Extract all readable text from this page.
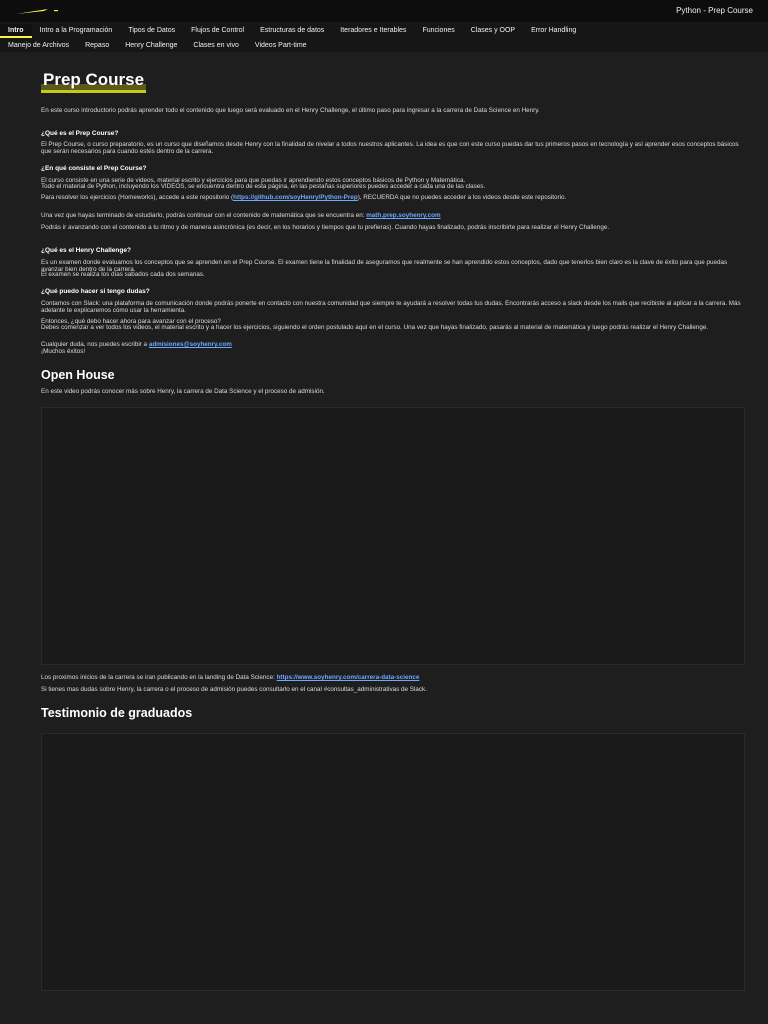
Python - Prep Course
Intro	Intro a la Programación	Tipos de Datos	Flujos de Control	Estructuras de datos	Iteradores e Iterables	Funciones	Clases y OOP	Error Handling
Manejo de Archivos	Repaso	Henry Challenge	Clases en vivo	Videos Part-time
Prep Course
En este curso introductorio podrás aprender todo el contenido que luego será evaluado en el Henry Challenge, el último paso para ingresar a la carrera de Data Science en Henry.
¿Qué es el Prep Course?
El Prep Course, o curso preparatorio, es un curso que diseñamos desde Henry con la finalidad de nivelar a todos nuestros aplicantes. La idea es que con este curso puedas dar tus primeros pasos en tecnología y así aprender esos conceptos básicos que serán necesarios para cuando estés dentro de la carrera.
¿En qué consiste el Prep Course?
El curso consiste en una serie de videos, material escrito y ejercicios para que puedas ir aprendiendo estos conceptos básicos de Python y Matemática.
Todo el material de Python, incluyendo los VIDEOS, se encuentra dentro de esta página, en las pestañas superiores puedes acceder a cada una de las clases.
Para resolver los ejercicios (Homeworks), accede a este repositorio (https://github.com/soyHenry/Python-Prep), RECUERDA que no puedes acceder a los videos desde este repositorio.
Una vez que hayas terminado de estudiarlo, podrás continuar con el contenido de matemática que se encuentra en: math.prep.soyhenry.com
Podrás ir avanzando con el contenido a tu ritmo y de manera asincrónica (es decir, en los horarios y tiempos que tu prefieras). Cuando hayas finalizado, podrás inscribirte para realizar el Henry Challenge.
¿Qué es el Henry Challenge?
Es un examen donde evaluamos los conceptos que se aprenden en el Prep Course. El examen tiene la finalidad de aseguramos que realmente se han aprendido estos conceptos, dado que tenerlos bien claro es la clave de éxito para que puedas avanzar bien dentro de la carrera.
El examen se realiza los días sabados cada dos semanas.
¿Qué puedo hacer si tengo dudas?
Contamos con Slack: una plataforma de comunicación donde podrás ponerte en contacto con nuestra comunidad que siempre te ayudará a resolver todas tus dudas. Encontrarás acceso a slack desde los mails que recibiste al aplicar a la carrera. Más adelante te explicaremos cómo usar la herramienta.
Entonces, ¿qué debo hacer ahora para avanzar con el proceso?
Debes comenzar a ver todos los videos, el material escrito y a hacer los ejercicios, siguiendo el orden postulado aquí en el curso. Una vez que hayas finalizado, pasarás al material de matemática y luego podrás realizar el Henry Challenge.
Cualquier duda, nos puedes escribir a admisiones@soyhenry.com
¡Muchos éxitos!
Open House
En este video podrás conocer más sobre Henry, la carrera de Data Science y el proceso de admisión.
Los proximos inicios de la carrera se iran publicando en la landing de Data Science: https://www.soyhenry.com/carrera-data-science
Si tienes mas dudas sobre Henry, la carrera o el proceso de admisión puedes consultarlo en el canal #consultas_administrativas de Slack.
Testimonio de graduados
